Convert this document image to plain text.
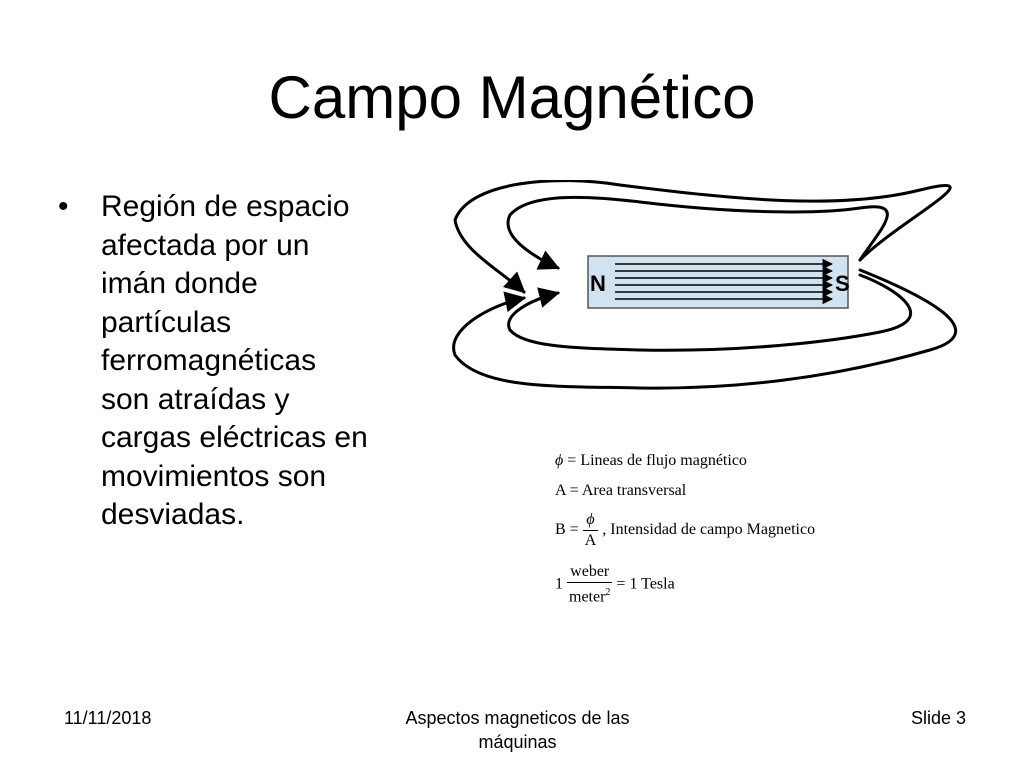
Campo Magnético
•	Región de espacio
afectada por un
imán donde
partículas
ferromagnéticas
son atraídas y
cargas eléctricas en
movimientos son
desviadas.
N	S
ϕ = Lineas de flujo magnético
A = Area transversal
$B = \frac{\phi}{A}$ , Intensidad de campo Magnetico
$1 \frac{\text{weber}}{meter^2} = 1$ Tesla
11/11/2018	Aspectos magneticos de las máquinas
Slide 3
